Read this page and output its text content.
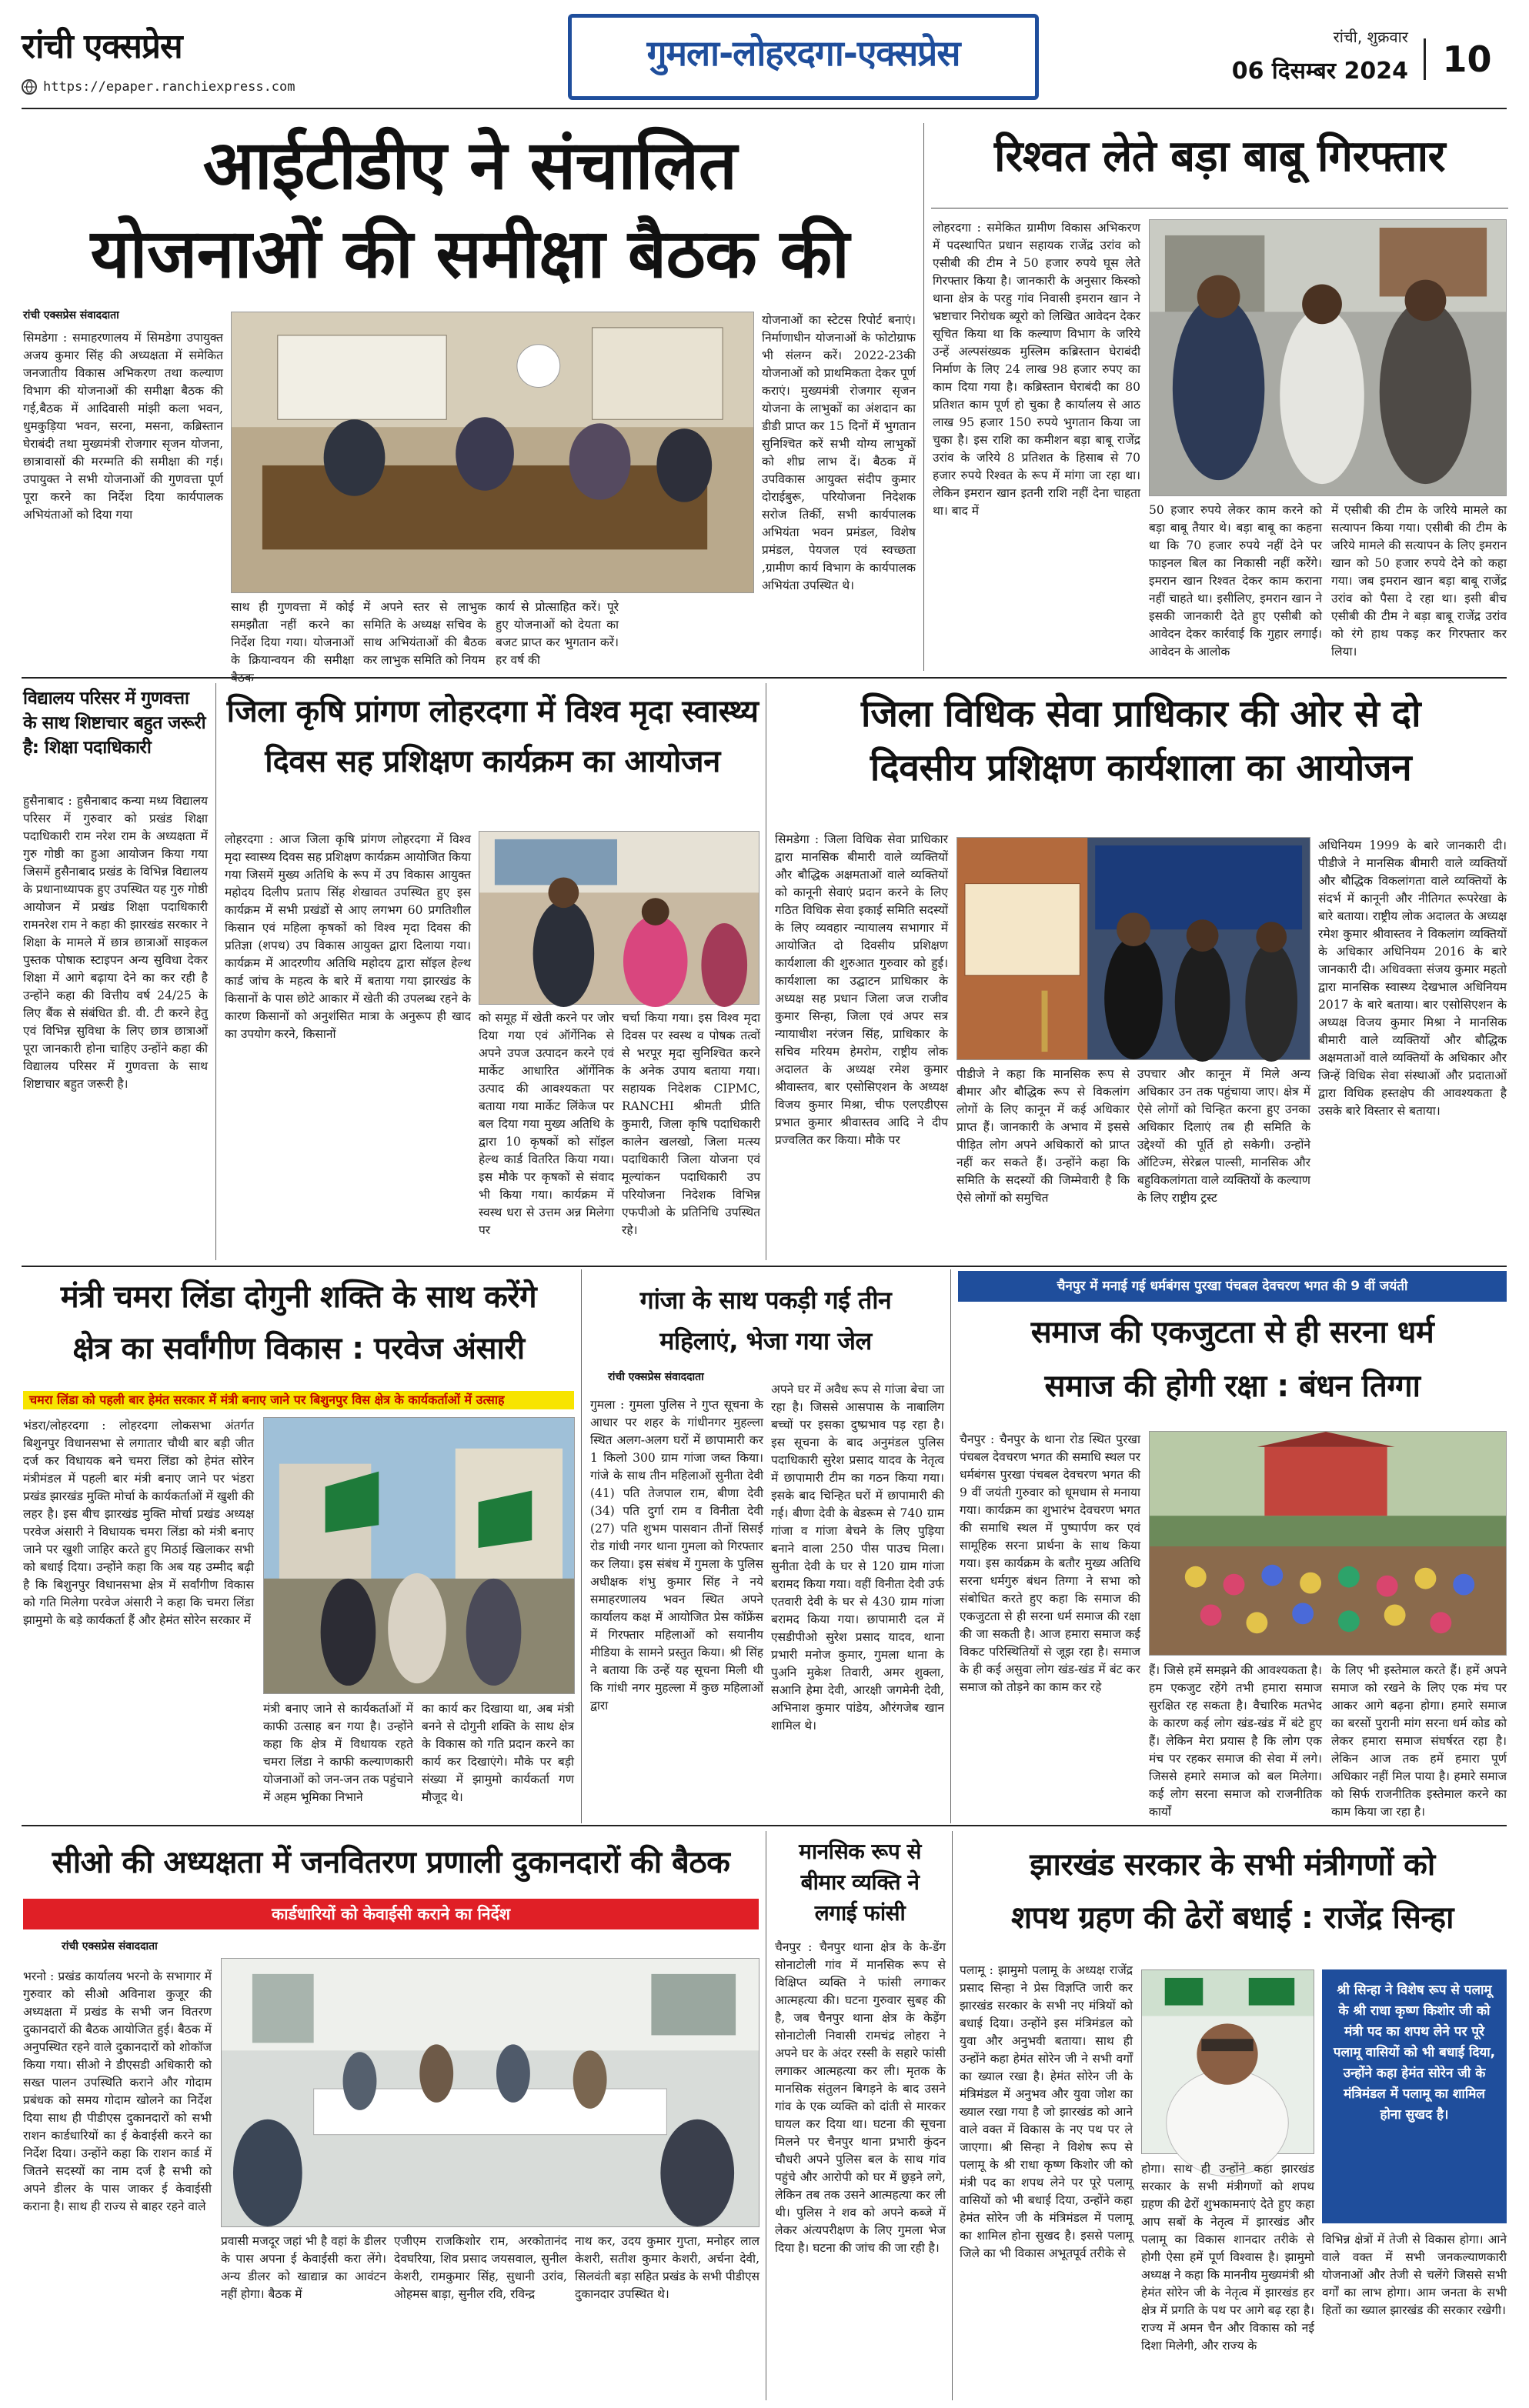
रांची एक्सप्रेस
https://epaper.ranchiexpress.com
गुमला-लोहरदगा-एक्सप्रेस	रांची, शुक्रवार
06 दिसम्बर 2024 10
आईटीडीए ने संचालित
योजनाओं की समीक्षा बैठक की
रांची एक्सप्रेस संवाददाता
सिमडेगा : समाहरणालय में सिमडेगा उपायुक्त अजय कुमार सिंह की अध्यक्षता में समेकित जनजातीय विकास अभिकरण तथा कल्याण विभाग की योजनाओं की समीक्षा बैठक की गई,बैठक में आदिवासी मांझी कला भवन, धुमकुड़िया भवन, सरना, मसना, कब्रिस्तान घेराबंदी तथा मुख्यमंत्री रोजगार सृजन योजना, छात्रावासों की मरम्मति की समीक्षा की गई। उपायुक्त ने सभी योजनाओं की गुणवत्ता पूर्ण पूरा करने का निर्देश दिया कार्यपालक अभियंताओं को दिया गया
साथ ही गुणवत्ता में कोई समझौता नहीं करने का निर्देश दिया गया। योजनाओं के क्रियान्वयन की समीक्षा बैठक
में अपने स्तर से लाभुक समिति के अध्यक्ष सचिव के साथ अभियंताओं की बैठक कर लाभुक समिति को नियम
कार्य से प्रोत्साहित करें। पूरे हुए योजनाओं को देयता का बजट प्राप्त कर भुगतान करें। हर वर्ष की
योजनाओं का स्टेटस रिपोर्ट बनाएं। निर्माणाधीन योजनाओं के फोटोग्राफ भी संलग्न करें। 2022-23की योजनाओं को प्राथमिकता देकर पूर्ण कराएं। मुख्यमंत्री रोजगार सृजन योजना के लाभुकों का अंशदान का डीडी प्राप्त कर 15 दिनों में भुगतान सुनिश्चित करें सभी योग्य लाभुकों को शीघ्र लाभ दें। बैठक में उपविकास आयुक्त संदीप कुमार दोराईबुरू, परियोजना निदेशक सरोज तिर्की, सभी कार्यपालक अभियंता भवन प्रमंडल, विशेष प्रमंडल, पेयजल एवं स्वच्छता ,ग्रामीण कार्य विभाग के कार्यपालक अभियंता उपस्थित थे।
रिश्वत लेते बड़ा बाबू गिरफ्तार
लोहरदगा : समेकित ग्रामीण विकास अभिकरण में पदस्थापित प्रधान सहायक राजेंद्र उरांव को एसीबी की टीम ने 50 हजार रुपये घूस लेते गिरफ्तार किया है। जानकारी के अनुसार किस्को थाना क्षेत्र के परहु गांव निवासी इमरान खान ने भ्रष्टाचार निरोधक ब्यूरो को लिखित आवेदन देकर सूचित किया था कि कल्याण विभाग के जरिये उन्हें अल्पसंख्यक मुस्लिम कब्रिस्तान घेराबंदी निर्माण के लिए 24 लाख 98 हजार रुपए का काम दिया गया है। कब्रिस्तान घेराबंदी का 80 प्रतिशत काम पूर्ण हो चुका है कार्यालय से आठ लाख 95 हजार 150 रुपये भुगतान किया जा चुका है। इस राशि का कमीशन बड़ा बाबू राजेंद्र उरांव के जरिये 8 प्रतिशत के हिसाब से 70 हजार रुपये रिश्वत के रूप में मांगा जा रहा था। लेकिन इमरान खान इतनी राशि नहीं देना चाहता था। बाद में	50 हजार रुपये लेकर काम करने को बड़ा बाबू तैयार थे। बड़ा बाबू का कहना था कि 70 हजार रुपये नहीं देने पर फाइनल बिल का निकासी नहीं करेंगे। इमरान खान रिश्वत देकर काम कराना नहीं चाहते था। इसीलिए, इमरान खान ने इसकी जानकारी देते हुए एसीबी को आवेदन देकर कार्रवाई कि गुहार लगाई। आवेदन के आलोक
में एसीबी की टीम के जरिये मामले का सत्यापन किया गया। एसीबी की टीम के जरिये मामले की सत्यापन के लिए इमरान खान को 50 हजार रुपये देने को कहा गया। जब इमरान खान बड़ा बाबू राजेंद्र उरांव को पैसा दे रहा था। इसी बीच एसीबी की टीम ने बड़ा बाबू राजेंद्र उरांव को रंगे हाथ पकड़ कर गिरफ्तार कर लिया।
विद्यालय परिसर में गुणवत्ता के साथ शिष्टाचार बहुत जरूरी है: शिक्षा पदाधिकारी
हुसैनाबाद : हुसैनाबाद कन्या मध्य विद्यालय परिसर में गुरुवार को प्रखंड शिक्षा पदाधिकारी राम नरेश राम के अध्यक्षता में गुरु गोष्ठी का हुआ आयोजन किया गया जिसमें हुसैनाबाद प्रखंड के विभिन्न विद्यालय के प्रधानाध्यापक हुए उपस्थित यह गुरु गोष्ठी आयोजन में प्रखंड शिक्षा पदाधिकारी रामनरेश राम ने कहा की झारखंड सरकार ने शिक्षा के मामले में छात्र छात्राओं साइकल पुस्तक पोषाक स्टाइपन अन्य सुविधा देकर शिक्षा में आगे बढ़ाया देने का कर रही है उन्होंने कहा की वित्तीय वर्ष 24/25 के लिए बैंक से संबंधित डी. वी. टी करने हेतु एवं विभिन्न सुविधा के लिए छात्र छात्राओं पूरा जानकारी होना चाहिए उन्होंने कहा की विद्यालय परिसर में गुणवत्ता के साथ शिष्टाचार बहुत जरूरी है।
जिला कृषि प्रांगण लोहरदगा में विश्व मृदा स्वास्थ्य
दिवस सह प्रशिक्षण कार्यक्रम का आयोजन
लोहरदगा : आज जिला कृषि प्रांगण लोहरदगा में विश्व मृदा स्वास्थ्य दिवस सह प्रशिक्षण कार्यक्रम आयोजित किया गया जिसमें मुख्य अतिथि के रूप में उप विकास आयुक्त महोदय दिलीप प्रताप सिंह शेखावत उपस्थित हुए इस कार्यक्रम में सभी प्रखंडों से आए लगभग 60 प्रगतिशील किसान एवं महिला कृषकों को विश्व मृदा दिवस की प्रतिज्ञा (शपथ) उप विकास आयुक्त द्वारा दिलाया गया। कार्यक्रम में आदरणीय अतिथि महोदय द्वारा सॉइल हेल्थ कार्ड जांच के महत्व के बारे में बताया गया झारखंड के किसानों के पास छोटे आकार में खेती की उपलब्ध रहने के कारण किसानों को अनुशंसित मात्रा के अनुरूप ही खाद का उपयोग करने, किसानों
को समूह में खेती करने पर जोर दिया गया एवं ऑर्गेनिक से अपने उपज उत्पादन करने एवं मार्केट आधारित ऑर्गेनिक उत्पाद की आवश्यकता पर बताया गया मार्केट लिंकेज पर बल दिया गया मुख्य अतिथि के द्वारा 10 कृषकों को सॉइल हेल्थ कार्ड वितरित किया गया। इस मौके पर कृषकों से संवाद भी किया गया। कार्यक्रम में स्वस्थ धरा से उत्तम अन्न मिलेगा पर
चर्चा किया गया। इस विश्व मृदा दिवस पर स्वस्थ व पोषक तत्वों से भरपूर मृदा सुनिश्चित करने के अनेक उपाय बताया गया। सहायक निदेशक CIPMC, RANCHI श्रीमती प्रीति कुमारी, जिला कृषि पदाधिकारी कालेन खलखो, जिला मत्स्य पदाधिकारी जिला योजना एवं मूल्यांकन पदाधिकारी उप परियोजना निदेशक विभिन्न एफपीओ के प्रतिनिधि उपस्थित रहे।
जिला विधिक सेवा प्राधिकार की ओर से दो
दिवसीय प्रशिक्षण कार्यशाला का आयोजन
सिमडेगा : जिला विधिक सेवा प्राधिकार द्वारा मानसिक बीमारी वाले व्यक्तियों और बौद्धिक अक्षमताओं वाले व्यक्तियों को कानूनी सेवाएं प्रदान करने के लिए गठित विधिक सेवा इकाई समिति सदस्यों के लिए व्यवहार न्यायालय सभागार में आयोजित दो दिवसीय प्रशिक्षण कार्यशाला की शुरुआत गुरुवार को हुई। कार्यशाला का उद्घाटन प्राधिकार के अध्यक्ष सह प्रधान जिला जज राजीव कुमार सिन्हा, जिला एवं अपर सत्र न्यायाधीश नरंजन सिंह, प्राधिकार के सचिव मरियम हेमरोम, राष्ट्रीय लोक अदालत के अध्यक्ष रमेश कुमार श्रीवास्तव, बार एसोसिएशन के अध्यक्ष विजय कुमार मिश्रा, चीफ एलएडीएस प्रभात कुमार श्रीवास्तव आदि ने दीप प्रज्वलित कर किया। मौके पर
पीडीजे ने कहा कि मानसिक रूप से बीमार और बौद्धिक रूप से विकलांग लोगों के लिए कानून में कई अधिकार प्राप्त हैं। जानकारी के अभाव में इससे पीड़ित लोग अपने अधिकारों को प्राप्त नहीं कर सकते हैं। उन्होंने कहा कि समिति के सदस्यों की जिम्मेवारी है कि ऐसे लोगों को समुचित
उपचार और कानून में मिले अन्य अधिकार उन तक पहुंचाया जाए। क्षेत्र में ऐसे लोगों को चिन्हित करना हुए उनका अधिकार दिलाएं तब ही समिति के उद्देश्यों की पूर्ति हो सकेगी। उन्होंने ऑटिज्म, सेरेब्रल पाल्सी, मानसिक और बहुविकलांगता वाले व्यक्तियों के कल्याण के लिए राष्ट्रीय ट्रस्ट
अधिनियम 1999 के बारे जानकारी दी। पीडीजे ने मानसिक बीमारी वाले व्यक्तियों और बौद्धिक विकलांगता वाले व्यक्तियों के संदर्भ में कानूनी और नीतिगत रूपरेखा के बारे बताया। राष्ट्रीय लोक अदालत के अध्यक्ष रमेश कुमार श्रीवास्तव ने विकलांग व्यक्तियों के अधिकार अधिनियम 2016 के बारे जानकारी दी। अधिवक्ता संजय कुमार महतो द्वारा मानसिक स्वास्थ्य देखभाल अधिनियम 2017 के बारे बताया। बार एसोसिएशन के अध्यक्ष विजय कुमार मिश्रा ने मानसिक बीमारी वाले व्यक्तियों और बौद्धिक अक्षमताओं वाले व्यक्तियों के अधिकार और जिन्हें विधिक सेवा संस्थाओं और प्रदाताओं द्वारा विधिक हस्तक्षेप की आवश्यकता है उसके बारे विस्तार से बताया।
मंत्री चमरा लिंडा दोगुनी शक्ति के साथ करेंगे
क्षेत्र का सर्वांगीण विकास : परवेज अंसारी
चमरा लिंडा को पहली बार हेमंत सरकार में मंत्री बनाए जाने पर बिशुनपुर विस क्षेत्र के कार्यकर्ताओं में उत्साह
भंडरा/लोहरदगा : लोहरदगा लोकसभा अंतर्गत बिशुनपुर विधानसभा से लगातार चौथी बार बड़ी जीत दर्ज कर विधायक बने चमरा लिंडा को हेमंत सोरेन मंत्रीमंडल में पहली बार मंत्री बनाए जाने पर भंडरा प्रखंड झारखंड मुक्ति मोर्चा के कार्यकर्ताओं में खुशी की लहर है। इस बीच झारखंड मुक्ति मोर्चा प्रखंड अध्यक्ष परवेज अंसारी ने विधायक चमरा लिंडा को मंत्री बनाए जाने पर खुशी जाहिर करते हुए मिठाई खिलाकर सभी को बधाई दिया। उन्होंने कहा कि अब यह उम्मीद बढ़ी है कि बिशुनपुर विधानसभा क्षेत्र में सर्वांगीण विकास को गति मिलेगा परवेज अंसारी ने कहा कि चमरा लिंडा झामुमो के बड़े कार्यकर्ता हैं और हेमंत सोरेन सरकार में
मंत्री बनाए जाने से कार्यकर्ताओं में काफी उत्साह बन गया है। उन्होंने कहा कि क्षेत्र में विधायक रहते चमरा लिंडा ने काफी कल्याणकारी योजनाओं को जन-जन तक पहुंचाने में अहम भूमिका निभाने
का कार्य कर दिखाया था, अब मंत्री बनने से दोगुनी शक्ति के साथ क्षेत्र के विकास को गति प्रदान करने का कार्य कर दिखाएंगे। मौके पर बड़ी संख्या में झामुमो कार्यकर्ता गण मौजूद थे।
गांजा के साथ पकड़ी गई तीन
महिलाएं, भेजा गया जेल
रांची एक्सप्रेस संवाददाता
गुमला : गुमला पुलिस ने गुप्त सूचना के आधार पर शहर के गांधीनगर मुहल्ला स्थित अलग-अलग घरों में छापामारी कर 1 किलो 300 ग्राम गांजा जब्त किया। गांजे के साथ तीन महिलाओं सुनीता देवी (41) पति तेजपाल राम, बीणा देवी (34) पति दुर्गा राम व विनीता देवी (27) पति शुभम पासवान तीनों सिसई रोड गांधी नगर थाना गुमला को गिरफ्तार कर लिया। इस संबंध में गुमला के पुलिस अधीक्षक शंभु कुमार सिंह ने नये समाहरणालय भवन स्थित अपने कार्यालय कक्ष में आयोजित प्रेस कॉफ्रेंस में गिरफ्तार महिलाओं को सयानीय मीडिया के सामने प्रस्तुत किया। श्री सिंह ने बताया कि उन्हें यह सूचना मिली थी कि गांधी नगर मुहल्ला में कुछ महिलाओं द्वारा
अपने घर में अवैध रूप से गांजा बेचा जा रहा है। जिससे आसपास के नाबालिग बच्चों पर इसका दुष्प्रभाव पड़ रहा है। इस सूचना के बाद अनुमंडल पुलिस पदाधिकारी सुरेश प्रसाद यादव के नेतृत्व में छापामारी टीम का गठन किया गया। इसके बाद चिन्हित घरों में छापामारी की गई। बीणा देवी के बेडरूम से 740 ग्राम गांजा व गांजा बेचने के लिए पुड़िया बनाने वाला 250 पीस पाउच मिला। सुनीता देवी के घर से 120 ग्राम गांजा बरामद किया गया। वहीं विनीता देवी उर्फ एतवारी देवी के घर से 430 ग्राम गांजा बरामद किया गया। छापामारी दल में एसडीपीओ सुरेश प्रसाद यादव, थाना प्रभारी मनोज कुमार, गुमला थाना के पुअनि मुकेश तिवारी, अमर शुक्ला, सआनि हेमा देवी, आरक्षी जगमेनी देवी, अभिनाश कुमार पांडेय, औरंगजेब खान शामिल थे।
चैनपुर में मनाई गई धर्मबंगस पुरखा पंचबल देवचरण भगत की 9 वीं जयंती
समाज की एकजुटता से ही सरना धर्म
समाज की होगी रक्षा : बंधन तिग्गा
चैनपुर : चैनपुर के थाना रोड स्थित पुरखा पंचबल देवचरण भगत की समाधि स्थल पर धर्मबंगस पुरखा पंचबल देवचरण भगत की 9 वीं जयंती गुरुवार को धूमधाम से मनाया गया। कार्यक्रम का शुभारंभ देवचरण भगत की समाधि स्थल में पुष्पार्पण कर एवं सामूहिक सरना प्रार्थना के साथ किया गया। इस कार्यक्रम के बतौर मुख्य अतिथि सरना धर्मगुरु बंधन तिग्गा ने सभा को संबोधित करते हुए कहा कि समाज की एकजुटता से ही सरना धर्म समाज की रक्षा की जा सकती है। आज हमारा समाज कई विकट परिस्थितियों से जूझ रहा है। समाज के ही कई असुवा लोग खंड-खंड में बंट कर समाज को तोड़ने का काम कर रहे
हैं। जिसे हमें समझने की आवश्यकता है। हम एकजुट रहेंगे तभी हमारा समाज सुरक्षित रह सकता है। वैचारिक मतभेद के कारण कई लोग खंड-खंड में बंटे हुए हैं। लेकिन मेरा प्रयास है कि लोग एक मंच पर रहकर समाज की सेवा में लगे। जिससे हमारे समाज को बल मिलेगा। कई लोग सरना समाज को राजनीतिक कार्यों
के लिए भी इस्तेमाल करते हैं। हमें अपने समाज को रखने के लिए एक मंच पर आकर आगे बढ़ना होगा। हमारे समाज का बरसों पुरानी मांग सरना धर्म कोड को लेकर हमारा समाज संघर्षरत रहा है। लेकिन आज तक हमें हमारा पूर्ण अधिकार नहीं मिल पाया है। हमारे समाज को सिर्फ राजनीतिक इस्तेमाल करने का काम किया जा रहा है।
सीओ की अध्यक्षता में जनवितरण प्रणाली दुकानदारों की बैठक
कार्डधारियों को केवाईसी कराने का निर्देश
रांची एक्सप्रेस संवाददाता
भरनो : प्रखंड कार्यालय भरनो के सभागार में गुरुवार को सीओ अविनाश कुजूर की अध्यक्षता में प्रखंड के सभी जन वितरण दुकानदारों की बैठक आयोजित हुई। बैठक में अनुपस्थित रहने वाले दुकानदारों को शोकॉज किया गया। सीओ ने डीएसडी अधिकारी को सख्त पालन उपस्थिति कराने और गोदाम प्रबंधक को समय गोदाम खोलने का निर्देश दिया साथ ही पीडीएस दुकानदारों को सभी राशन कार्डधारियों का ई केवाईसी करने का निर्देश दिया। उन्होंने कहा कि राशन कार्ड में जितने सदस्यों का नाम दर्ज है सभी को अपने डीलर के पास जाकर ई केवाईसी कराना है। साथ ही राज्य से बाहर रहने वाले
प्रवासी मजदूर जहां भी है वहां के डीलर के पास अपना ई केवाईसी करा लेंगे। अन्य डीलर को खाद्यान्न का आवंटन नहीं होगा। बैठक में
एजीएम राजकिशोर राम, अरकोतानंद देवघरिया, शिव प्रसाद जयसवाल, सुनील केशरी, रामकुमार सिंह, सुधानी उरांव, ओहमस बाड़ा, सुनील रवि, रविन्द्र
नाथ कर, उदय कुमार गुप्ता, मनोहर लाल केशरी, सतीश कुमार केशरी, अर्चना देवी, सिलवंती बड़ा सहित प्रखंड के सभी पीडीएस दुकानदार उपस्थित थे।
मानसिक रूप से
बीमार व्यक्ति ने
लगाई फांसी
चैनपुर : चैनपुर थाना क्षेत्र के के-डेंग सोनाटोली गांव में मानसिक रूप से विक्षिप्त व्यक्ति ने फांसी लगाकर आत्महत्या की। घटना गुरुवार सुबह की है, जब चैनपुर थाना क्षेत्र के केड़ेंग सोनाटोली निवासी रामचंद्र लोहरा ने अपने घर के अंदर रस्सी के सहारे फांसी लगाकर आत्महत्या कर ली। मृतक के मानसिक संतुलन बिगड़ने के बाद उसने गांव के एक व्यक्ति को दांती से मारकर घायल कर दिया था। घटना की सूचना मिलने पर चैनपुर थाना प्रभारी कुंदन चौधरी अपने पुलिस बल के साथ गांव पहुंचे और आरोपी को घर में छुड़ने लगे, लेकिन तब तक उसने आत्महत्या कर ली थी। पुलिस ने शव को अपने कब्जे में लेकर अंत्यपरीक्षण के लिए गुमला भेज दिया है। घटना की जांच की जा रही है।
झारखंड सरकार के सभी मंत्रीगणों को
शपथ ग्रहण की ढेरों बधाई : राजेंद्र सिन्हा
पलामू : झामुमो पलामू के अध्यक्ष राजेंद्र प्रसाद सिन्हा ने प्रेस विज्ञप्ति जारी कर झारखंड सरकार के सभी नए मंत्रियों को बधाई दिया। उन्होंने इस मंत्रिमंडल को युवा और अनुभवी बताया। साथ ही उन्होंने कहा हेमंत सोरेन जी ने सभी वर्गों का ख्याल रखा है। हेमंत सोरेन जी के मंत्रिमंडल में अनुभव और युवा जोश का ख्याल रखा गया है जो झारखंड को आने वाले वक्त में विकास के नए पथ पर ले जाएगा। श्री सिन्हा ने विशेष रूप से पलामू के श्री राधा कृष्ण किशोर जी को मंत्री पद का शपथ लेने पर पूरे पलामू वासियों को भी बधाई दिया, उन्होंने कहा हेमंत सोरेन जी के मंत्रिमंडल में पलामू का शामिल होना सुखद है। इससे पलामू जिले का भी विकास अभूतपूर्व तरीके से
होगा। साथ ही उन्होंने कहा झारखंड सरकार के सभी मंत्रीगणों को शपथ ग्रहण की ढेरों शुभकामनाएं देते हुए कहा आप सबों के नेतृत्व में झारखंड और पलामू का विकास शानदार तरीके से होगी ऐसा हमें पूर्ण विश्वास है। झामुमो अध्यक्ष ने कहा कि माननीय मुख्यमंत्री श्री हेमंत सोरेन जी के नेतृत्व में झारखंड हर क्षेत्र में प्रगति के पथ पर आगे बढ़ रहा है। राज्य में अमन चैन और विकास को नई दिशा मिलेगी, और राज्य के
श्री सिन्हा ने विशेष रूप से पलामू के श्री राधा कृष्ण किशोर जी को मंत्री पद का शपथ लेने पर पूरे पलामू वासियों को भी बधाई दिया, उन्होंने कहा हेमंत सोरेन जी के मंत्रिमंडल में पलामू का शामिल होना सुखद है।
विभिन्न क्षेत्रों में तेजी से विकास होगा। आने वाले वक्त में सभी जनकल्याणकारी योजनाओं और तेजी से चलेंगे जिससे सभी वर्गों का लाभ होगा। आम जनता के सभी हितों का ख्याल झारखंड की सरकार रखेगी।
